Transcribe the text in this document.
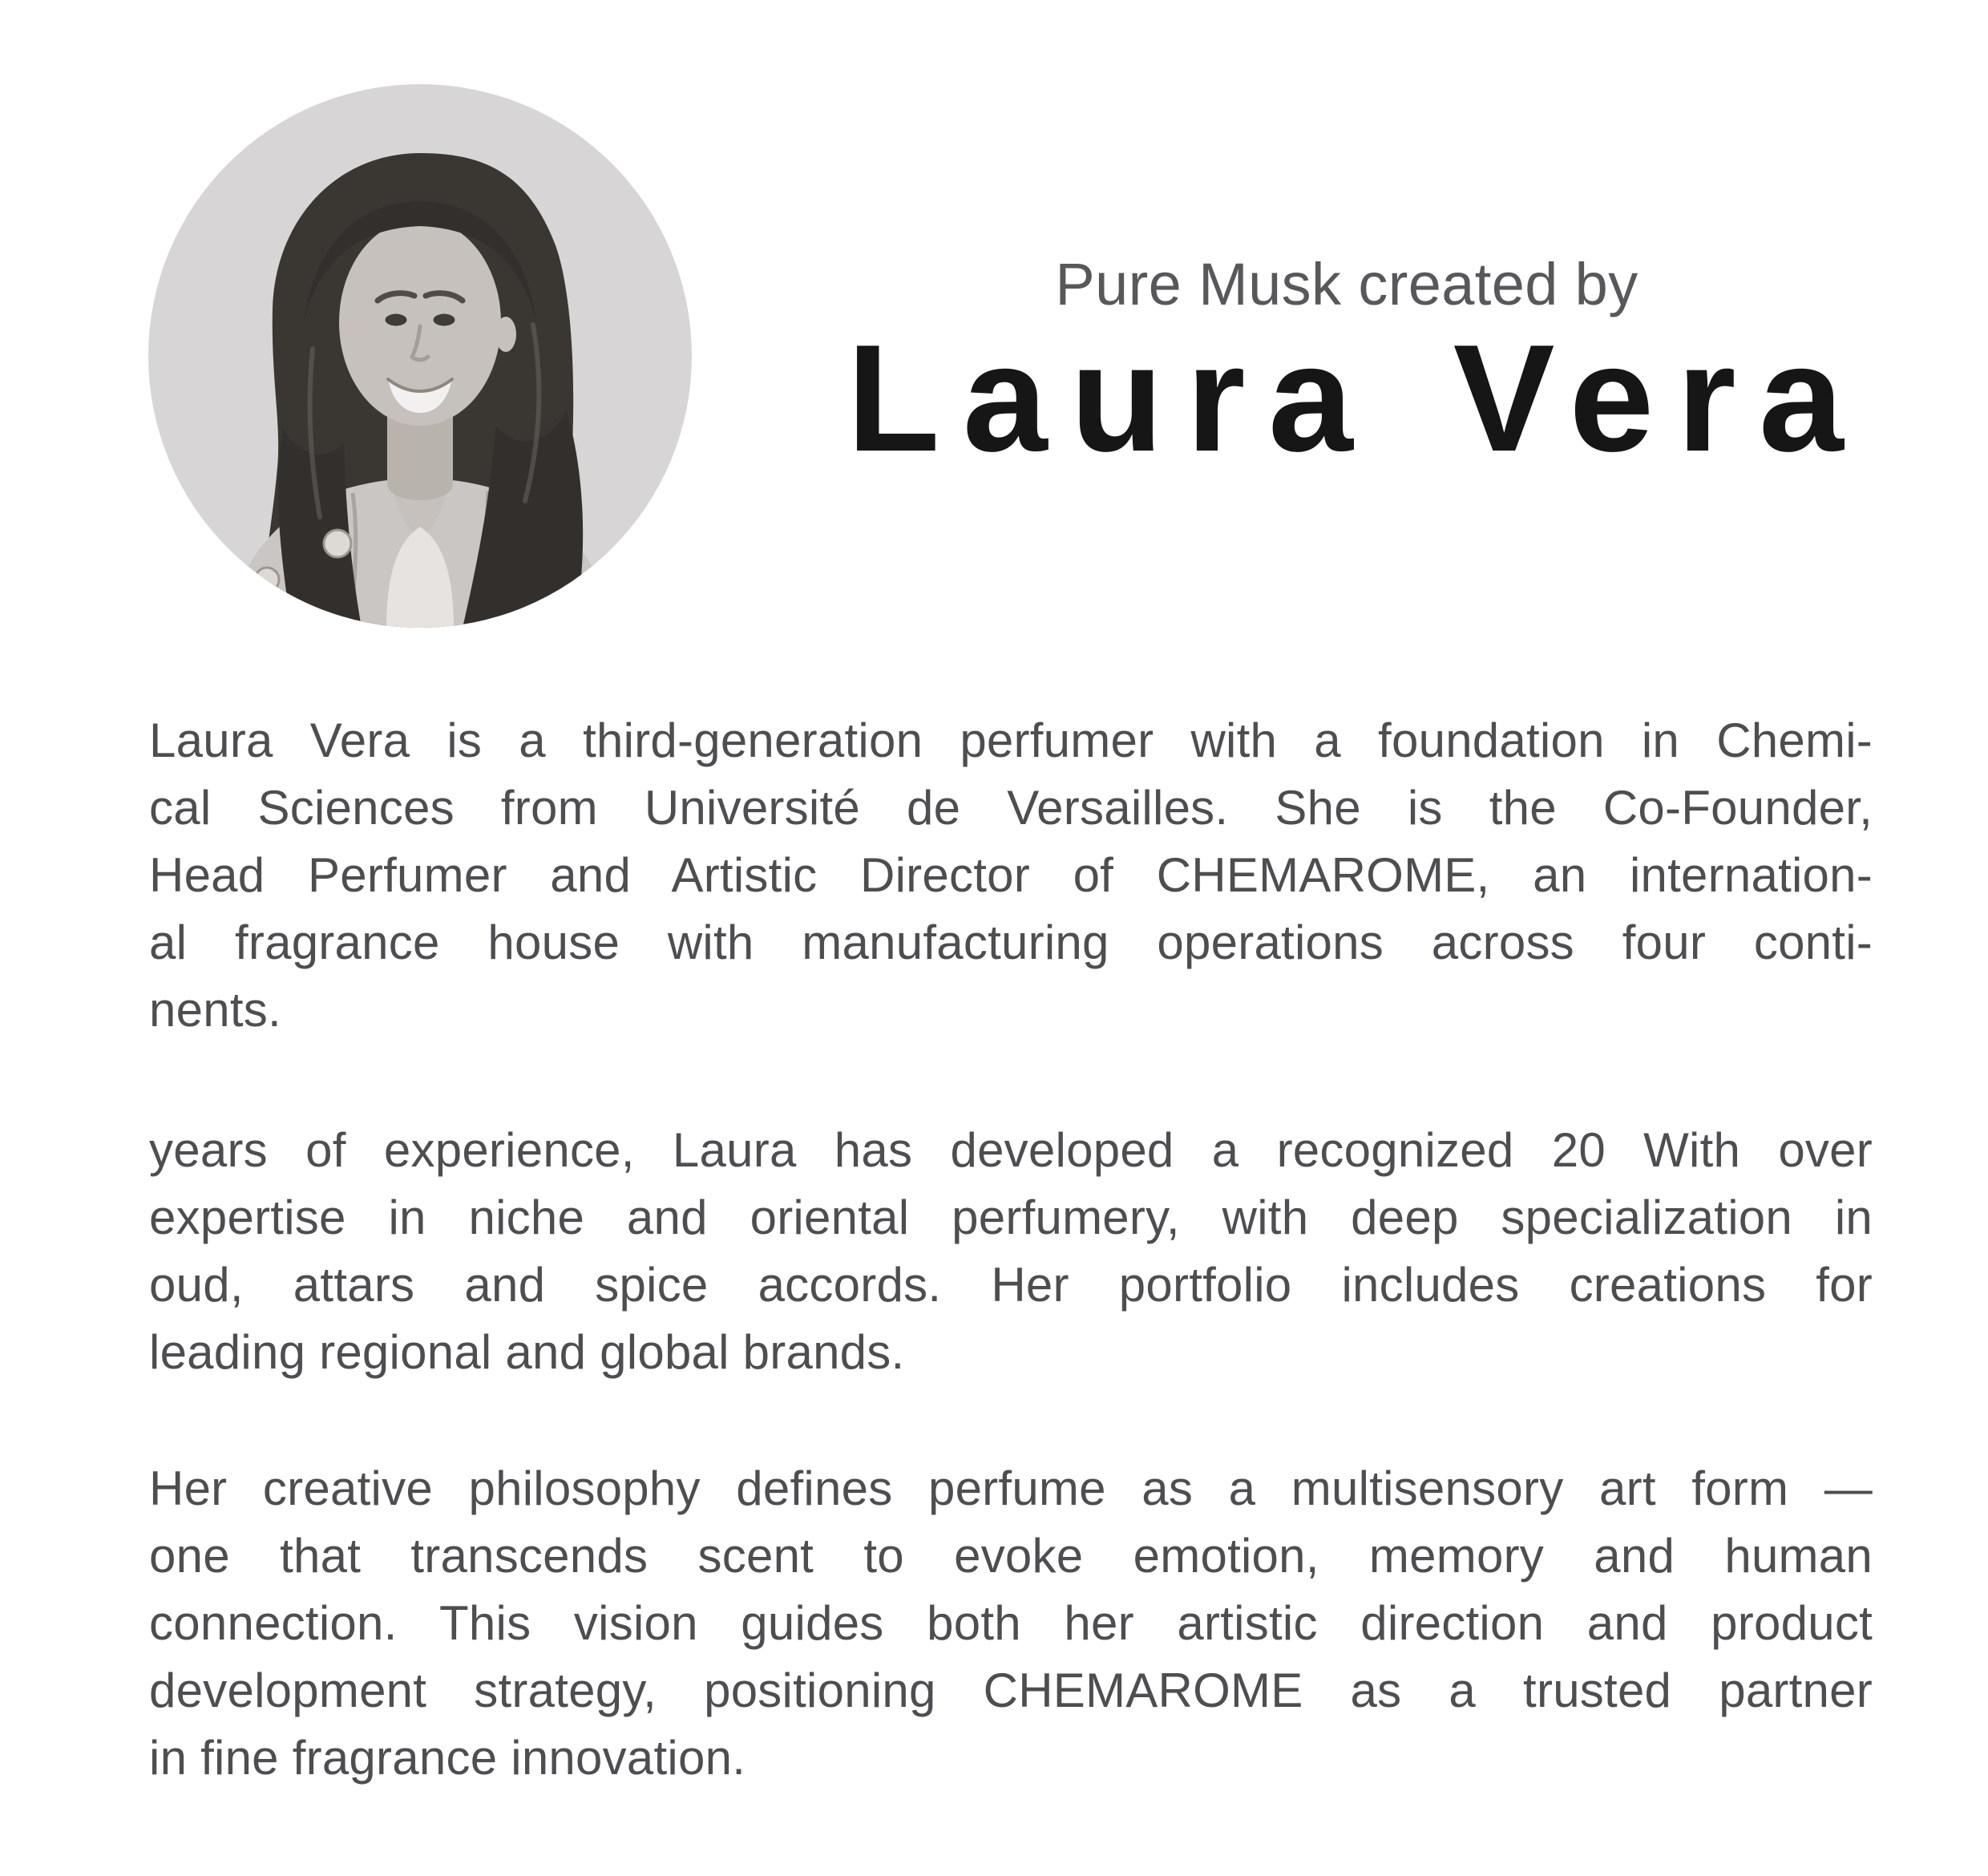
Pure Musk created by
Laura Vera
Laura Vera is a third-generation perfumer with a foundation in Chemi-
cal Sciences from Université de Versailles. She is the Co-Founder,
Head Perfumer and Artistic Director of CHEMAROME, an internation-
al fragrance house with manufacturing operations across four conti-
nents.
years of experience, Laura has developed a recognized 20 With over
expertise in niche and oriental perfumery, with deep specialization in
oud, attars and spice accords. Her portfolio includes creations for
leading regional and global brands.
Her creative philosophy defines perfume as a multisensory art form —
one that transcends scent to evoke emotion, memory and human
connection. This vision guides both her artistic direction and product
development strategy, positioning CHEMAROME as a trusted partner
in fine fragrance innovation.
